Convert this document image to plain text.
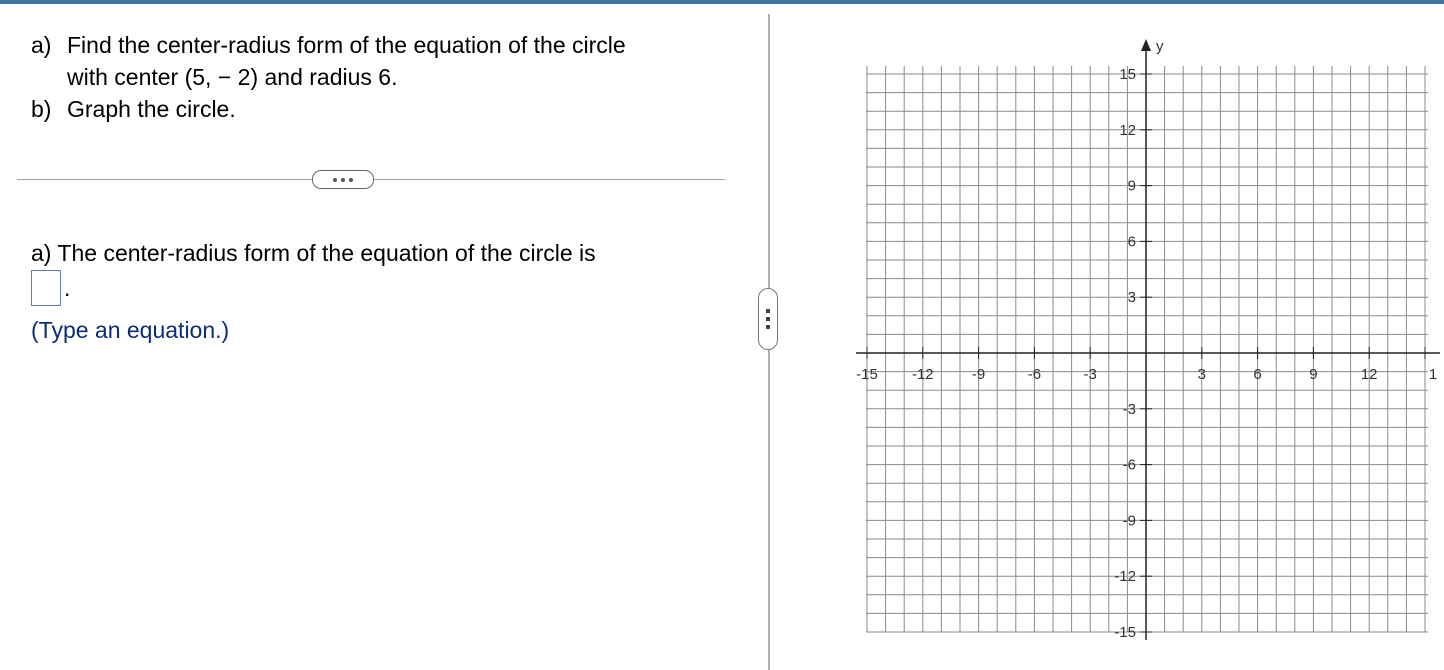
a) Find the center-radius form of the equation of the circle
with center (5, − 2) and radius 6.
b) Graph the circle.
a) The center-radius form of the equation of the circle is
.
(Type an equation.)
y
-15 -12	-9	-6	-3	3	6	9	12	1
15
12
9
6
3
-3
-6
-9
-12
-15
